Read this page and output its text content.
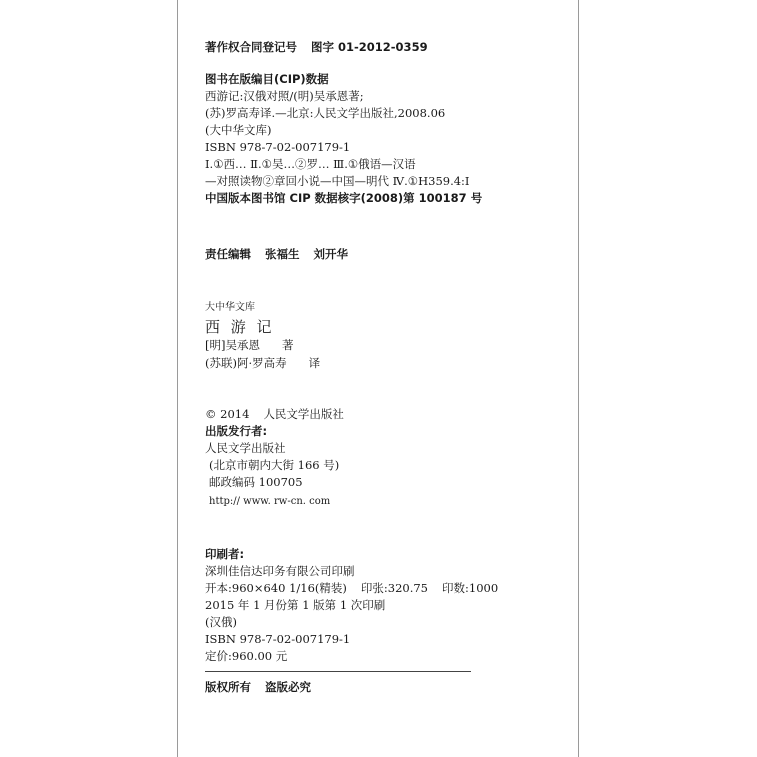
著作权合同登记号 图字 01-2012-0359
图书在版编目(CIP)数据
西游记:汉俄对照/(明)吴承恩著;
(苏)罗高寿译.—北京:人民文学出版社,2008.06
(大中华文库)
ISBN 978-7-02-007179-1
Ⅰ.①西… Ⅱ.①吴…②罗… Ⅲ.①俄语—汉语
—对照读物②章回小说—中国—明代 Ⅳ.①H359.4:Ⅰ
中国版本图书馆 CIP 数据核字(2008)第 100187 号
责任编辑 张福生 刘开华
大中华文库
西 游 记
[明]吴承恩 著
(苏联)阿·罗高寿 译
© 2014 人民文学出版社
出版发行者:
人民文学出版社
(北京市朝内大街 166 号)
邮政编码 100705
http:// www. rw-cn. com
印刷者:
深圳佳信达印务有限公司印刷
开本:960×640 1/16(精装) 印张:320.75 印数:1000
2015 年 1 月份第 1 版第 1 次印刷
(汉俄)
ISBN 978-7-02-007179-1
定价:960.00 元
版权所有 盗版必究
